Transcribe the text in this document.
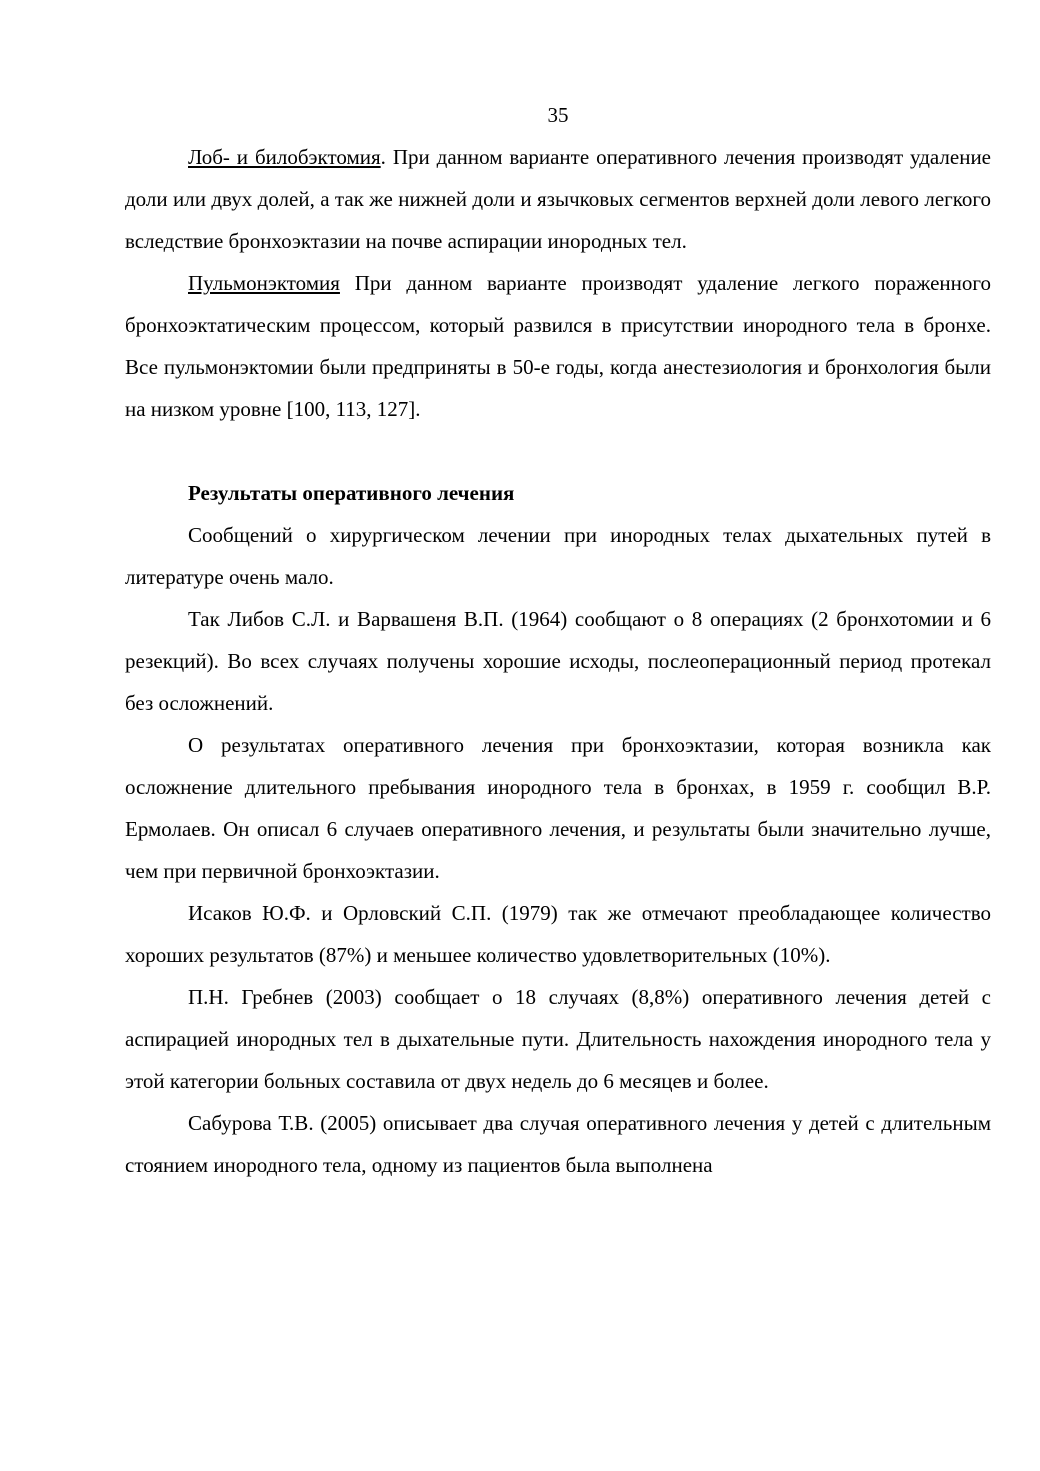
35

Лоб- и билобэктомия. При данном варианте оперативного лечения производят удаление доли или двух долей, а так же нижней доли и язычковых сегментов верхней доли левого легкого вследствие бронхоэктазии на почве аспирации инородных тел.

Пульмонэктомия При данном варианте производят удаление легкого пораженного бронхоэктатическим процессом, который развился в присутствии инородного тела в бронхе. Все пульмонэктомии были предприняты в 50-е годы, когда анестезиология и бронхология были на низком уровне [100, 113, 127].

Результаты оперативного лечения

Сообщений о хирургическом лечении при инородных телах дыхательных путей в литературе очень мало.

Так Либов С.Л. и Варвашеня В.П. (1964) сообщают о 8 операциях (2 бронхотомии и 6 резекций). Во всех случаях получены хорошие исходы, послеоперационный период протекал без осложнений.

О результатах оперативного лечения при бронхоэктазии, которая возникла как осложнение длительного пребывания инородного тела в бронхах, в 1959 г. сообщил В.Р. Ермолаев. Он описал 6 случаев оперативного лечения, и результаты были значительно лучше, чем при первичной бронхоэктазии.

Исаков Ю.Ф. и Орловский С.П. (1979) так же отмечают преобладающее количество хороших результатов (87%) и меньшее количество удовлетворительных (10%).

П.Н. Гребнев (2003) сообщает о 18 случаях (8,8%) оперативного лечения детей с аспирацией инородных тел в дыхательные пути. Длительность нахождения инородного тела у этой категории больных составила от двух недель до 6 месяцев и более.

Сабурова Т.В. (2005) описывает два случая оперативного лечения у детей с длительным стоянием инородного тела, одному из пациентов была выполнена
